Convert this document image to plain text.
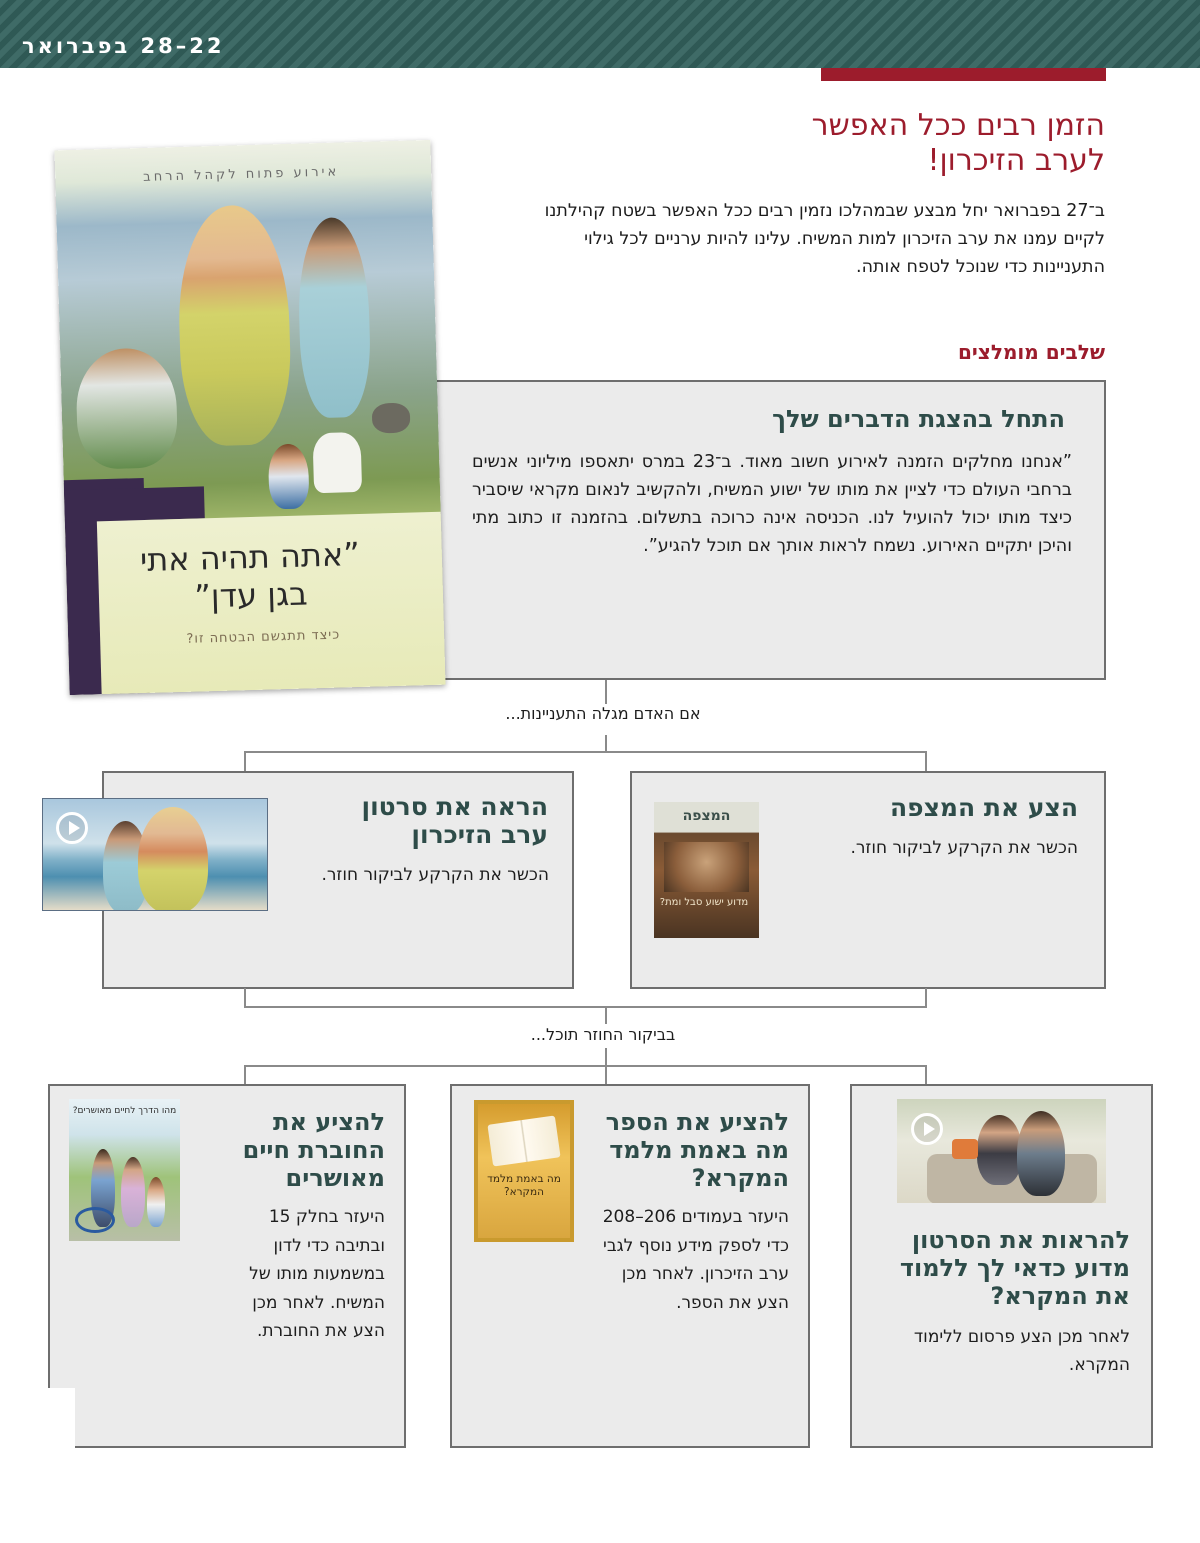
22–28 בפברואר
הזמן רבים ככל האפשר
לערב הזיכרון!
ב־27 בפברואר יחל מבצע שבמהלכו נזמין רבים ככל האפשר בשטח קהילתנו לקיים עמנו את ערב הזיכרון למות המשיח. עלינו להיות ערניים לכל גילוי התעניינות כדי שנוכל לטפח אותה.
שלבים מומלצים
התחל בהצגת הדברים שלך
”אנחנו מחלקים הזמנה לאירוע חשוב מאוד. ב־23 במרס יתאספו מיליוני אנשים ברחבי העולם כדי לציין את מותו של ישוע המשיח, ולהקשיב לנאום מקראי שיסביר כיצד מותו יכול להועיל לנו. הכניסה אינה כרוכה בתשלום. בהזמנה זו כתוב מתי והיכן יתקיים האירוע. נשמח לראות אותך אם תוכל להגיע”.
אירוע פתוח לקהל הרחב
”אתה תהיה אתי
בגן עדן”
כיצד תתגשם הבטחה זו?
אם האדם מגלה התעניינות...
הצע את המצפה
הכשר את הקרקע לביקור חוזר.
המצפה
מדוע ישוע סבל ומת?
הראה את סרטון
ערב הזיכרון
הכשר את הקרקע לביקור חוזר.
בביקור החוזר תוכל...
להראות את הסרטון
מדוע כדאי לך ללמוד
את המקרא?
לאחר מכן הצע פרסום ללימוד המקרא.
מה באמת מלמד המקרא?
להציע את הספר
מה באמת מלמד
המקרא?
היעזר בעמודים 206–208 כדי לספק מידע נוסף לגבי ערב הזיכרון. לאחר מכן הצע את הספר.
מהו הדרך לחיים מאושרים?	להציע את
החוברת חיים
מאושרים
היעזר בחלק 15 ובתיבה כדי לדון במשמעות מותו של המשיח. לאחר מכן הצע את החוברת.
